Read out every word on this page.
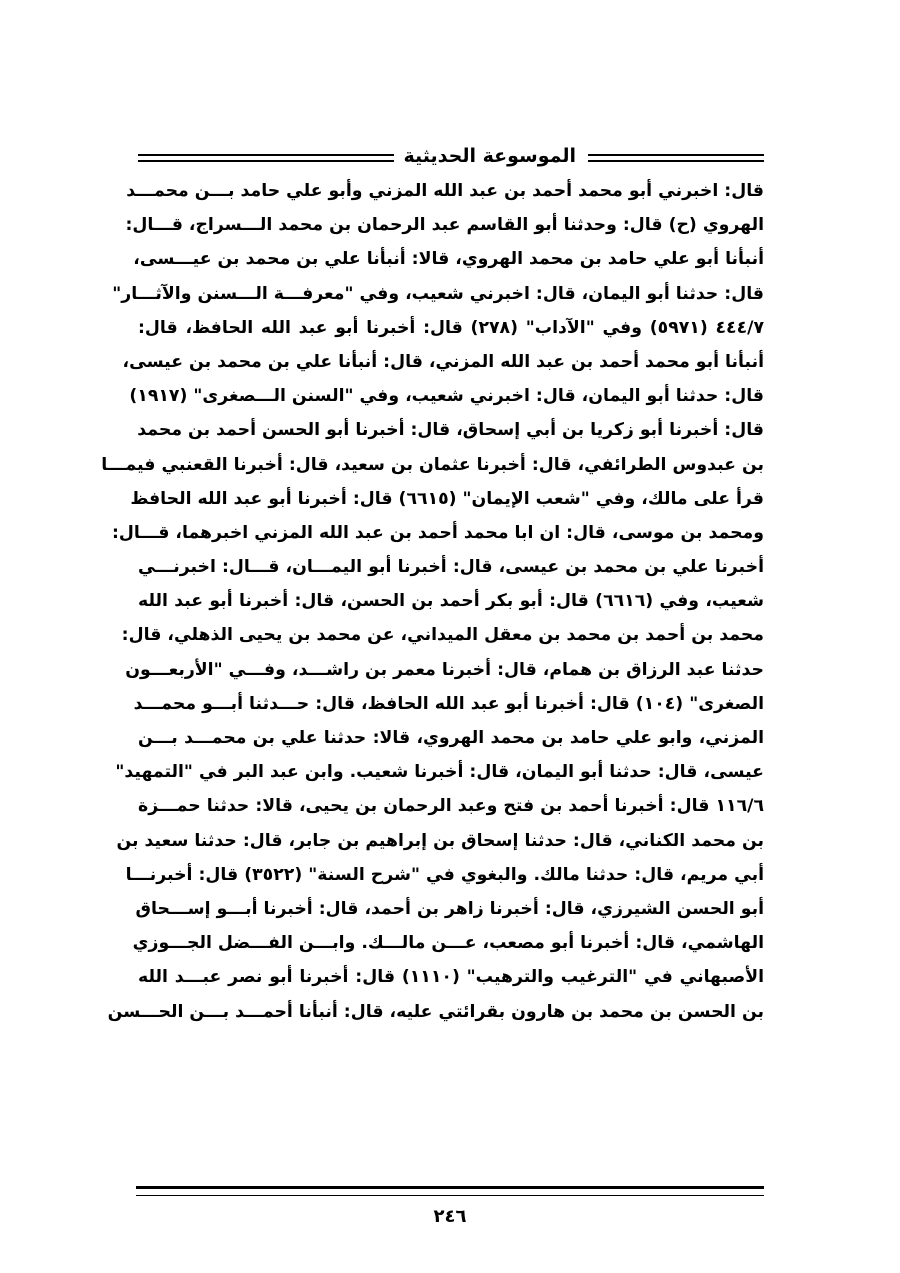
الموسوعة الحديثية
قال: اخبرني أبو محمد أحمد بن عبد الله المزني وأبو علي حامد بـــن محمـــد
الهروي (ح) قال: وحدثنا أبو القاسم عبد الرحمان بن محمد الـــسراج، قـــال:
أنبأنا أبو علي حامد بن محمد الهروي، قالا: أنبأنا علي بن محمد بن عيـــسى،
قال: حدثنا أبو اليمان، قال: اخبرني شعيب، وفي "معرفـــة الـــسنن والآثـــار"
٤٤٤/٧ (٥٩٧١) وفي "الآداب" (٢٧٨) قال: أخبرنا أبو عبد الله الحافظ، قال:
أنبأنا أبو محمد أحمد بن عبد الله المزني، قال: أنبأنا علي بن محمد بن عيسى،
قال: حدثنا أبو اليمان، قال: اخبرني شعيب، وفي "السنن الـــصغرى" (١٩١٧)
قال: أخبرنا أبو زكريا بن أبي إسحاق، قال: أخبرنا أبو الحسن أحمد بن محمد
بن عبدوس الطرائفي، قال: أخبرنا عثمان بن سعيد، قال: أخبرنا القعنبي فيمـــا
قرأ على مالك، وفي "شعب الإيمان" (٦٦١٥) قال: أخبرنا أبو عبد الله الحافظ
ومحمد بن موسى، قال: ان ابا محمد أحمد بن عبد الله المزني اخبرهما، قـــال:
أخبرنا علي بن محمد بن عيسى، قال: أخبرنا أبو اليمـــان، قـــال: اخبرنـــي
شعيب، وفي (٦٦١٦) قال: أبو بكر أحمد بن الحسن، قال: أخبرنا أبو عبد الله
محمد بن أحمد بن محمد بن معقل الميداني، عن محمد بن يحيى الذهلي، قال:
حدثنا عبد الرزاق بن همام، قال: أخبرنا معمر بن راشـــد، وفـــي "الأربعـــون
الصغرى" (١٠٤) قال: أخبرنا أبو عبد الله الحافظ، قال: حـــدثنا أبـــو محمـــد
المزني، وابو علي حامد بن محمد الهروي، قالا: حدثنا علي بن محمـــد بـــن
عيسى، قال: حدثنا أبو اليمان، قال: أخبرنا شعيب. وابن عبد البر في "التمهيد"
١١٦/٦ قال: أخبرنا أحمد بن فتح وعبد الرحمان بن يحيى، قالا: حدثنا حمـــزة
بن محمد الكناني، قال: حدثنا إسحاق بن إبراهيم بن جابر، قال: حدثنا سعيد بن
أبي مريم، قال: حدثنا مالك. والبغوي في "شرح السنة" (٣٥٢٢) قال: أخبرنـــا
أبو الحسن الشيرزي، قال: أخبرنا زاهر بن أحمد، قال: أخبرنا أبـــو إســـحاق
الهاشمي، قال: أخبرنا أبو مصعب، عـــن مالـــك. وابـــن الفـــضل الجـــوزي
الأصبهاني في "الترغيب والترهيب" (١١١٠) قال: أخبرنا أبو نصر عبـــد الله
بن الحسن بن محمد بن هارون بقرائتي عليه، قال: أنبأنا أحمـــد بـــن الحـــسن
٢٤٦
